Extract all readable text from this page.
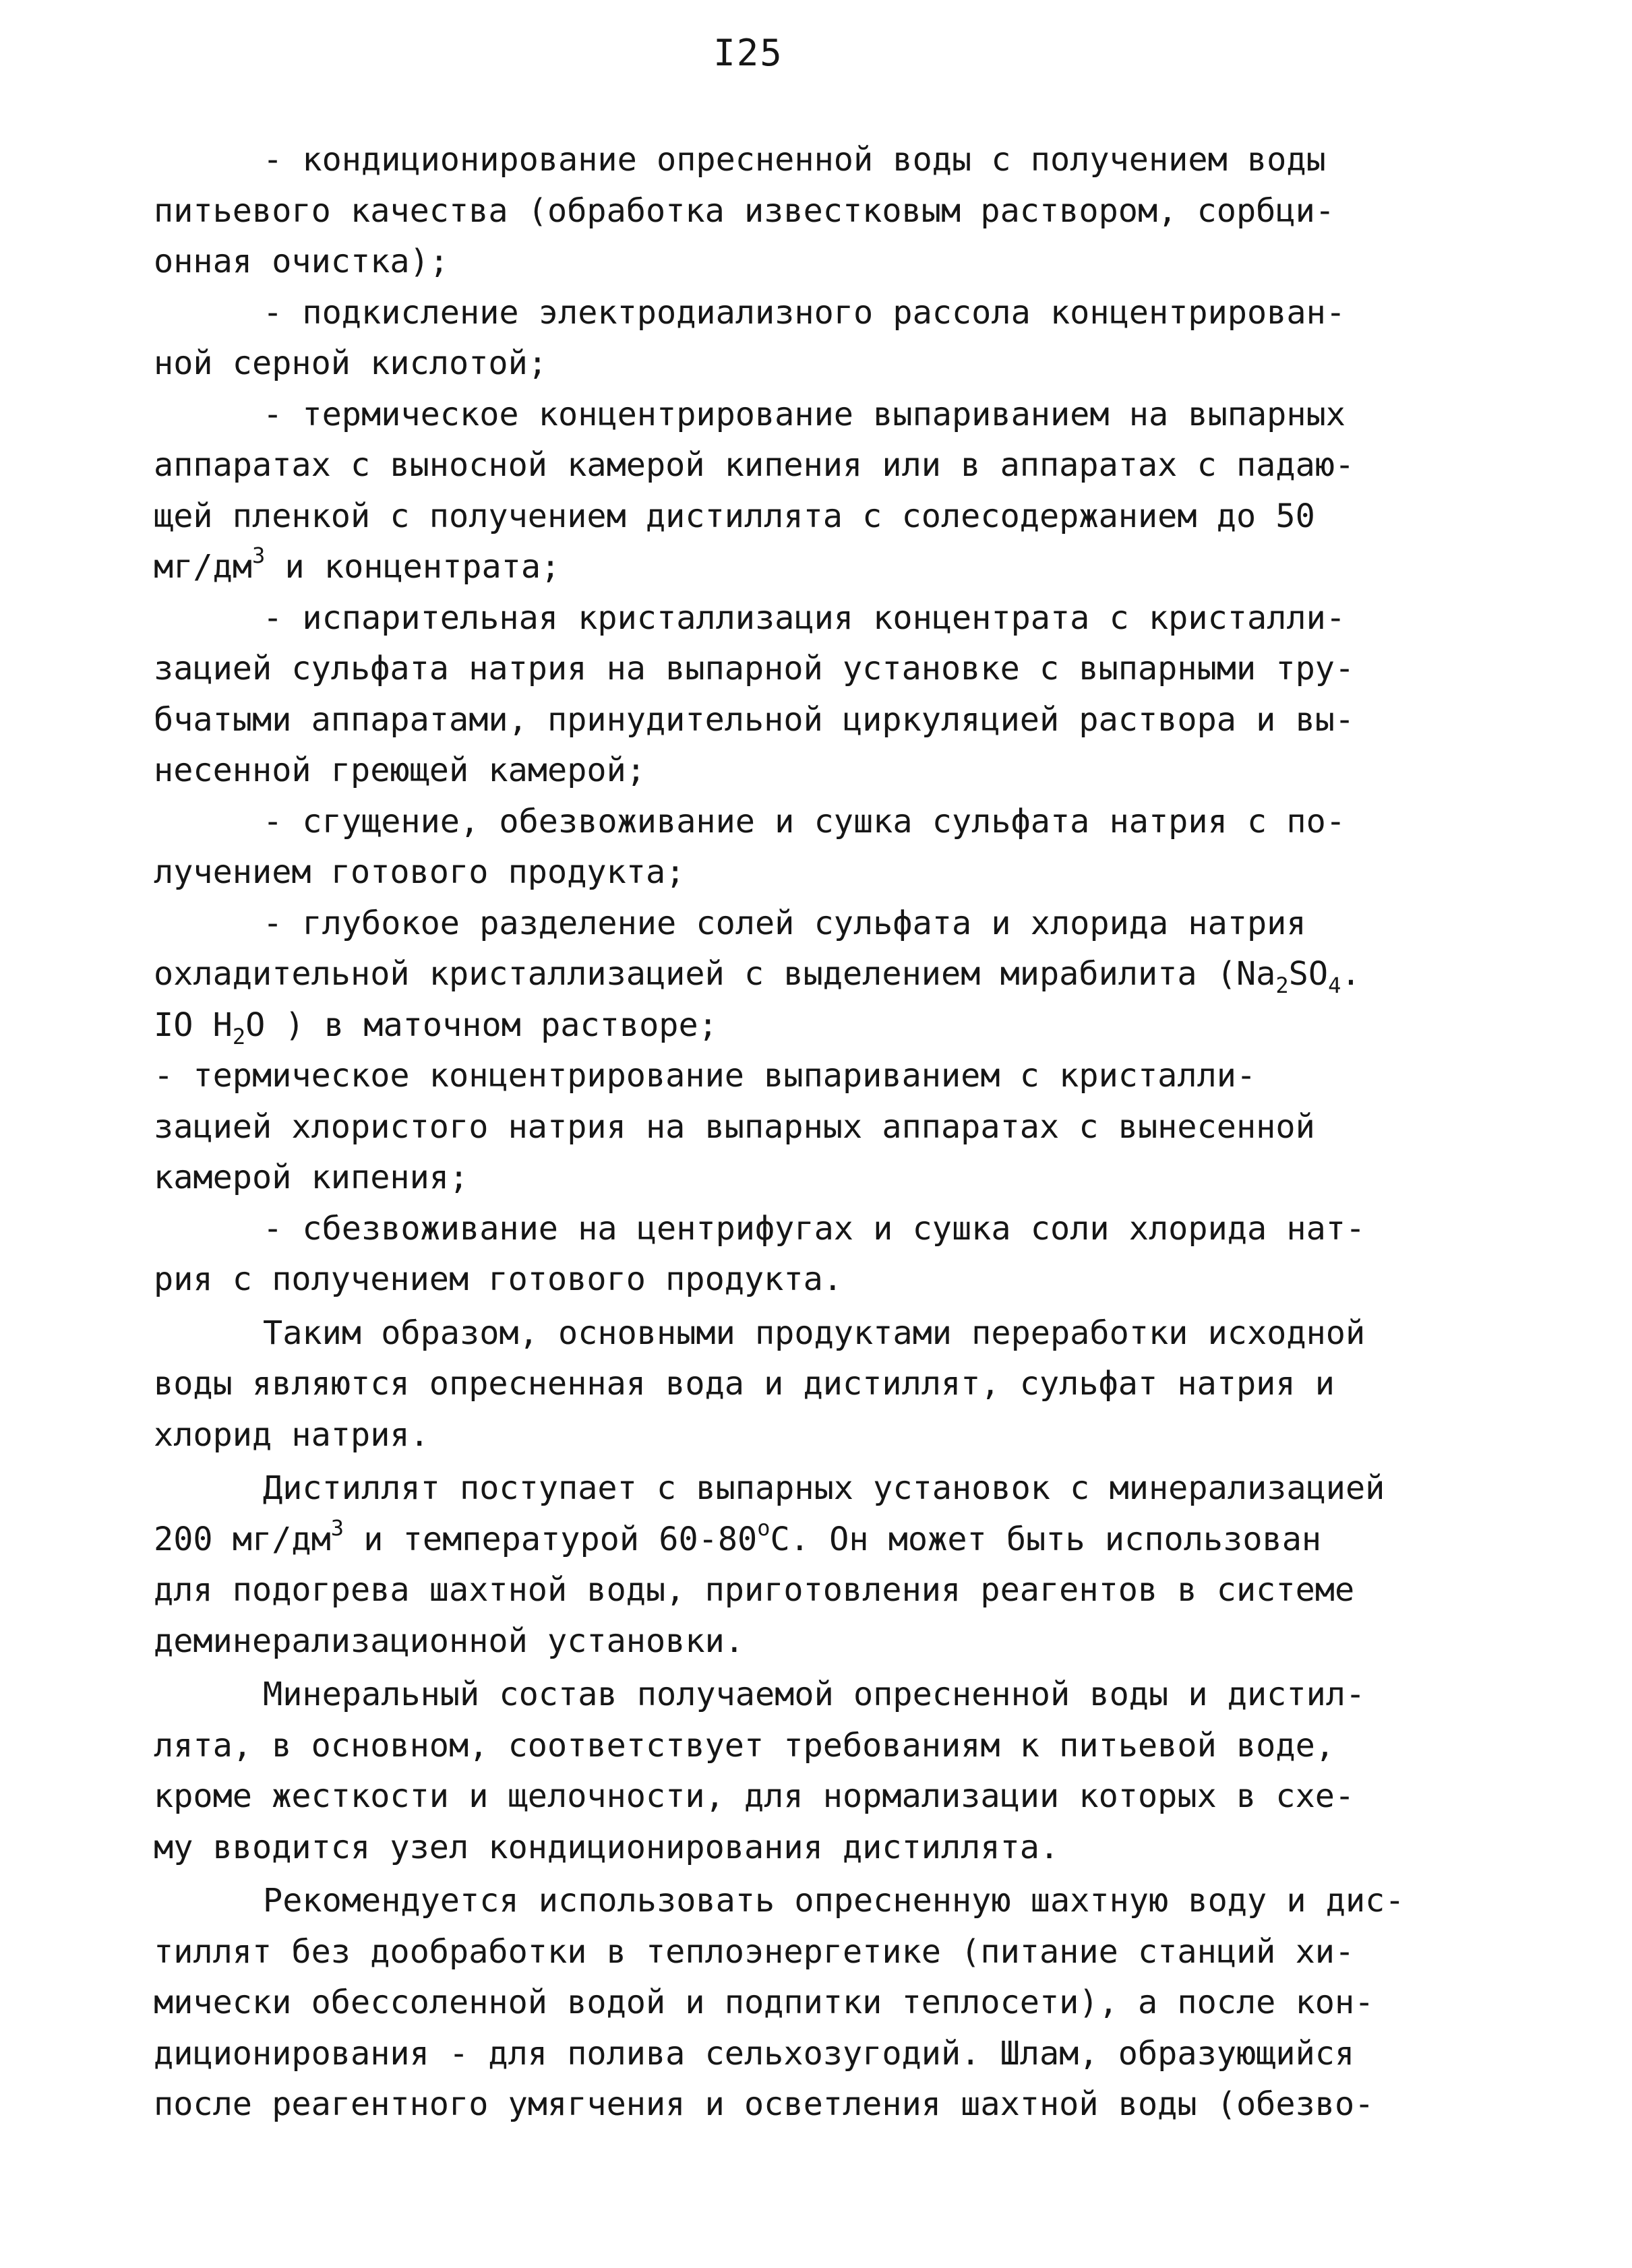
I25
- кондиционирование опресненной воды с получением воды
питьевого качества (обработка известковым раствором, сорбци-
онная очистка);
- подкисление электродиализного рассола концентрирован-
ной серной кислотой;
- термическое концентрирование выпариванием на выпарных
аппаратах с выносной камерой кипения или в аппаратах с падаю-
щей пленкой с получением дистиллята с солесодержанием до 50
$мг/дм^3$ и концентрата;
- испарительная кристаллизация концентрата с кристалли-
зацией сульфата натрия на выпарной установке с выпарными тру-
бчатыми аппаратами, принудительной циркуляцией раствора и вы-
несенной греющей камерой;
- сгущение, обезвоживание и сушка сульфата натрия с по-
лучением готового продукта;
- глубокое разделение солей сульфата и хлорида натрия
охладительной кристаллизацией с выделением мирабилита ($Na_2SO_4$.
IO $H_2O$ ) в маточном растворе;
- термическое концентрирование выпариванием с кристалли-
зацией хлористого натрия на выпарных аппаратах с вынесенной
камерой кипения;
- сбезвоживание на центрифугах и сушка соли хлорида нат-
рия с получением готового продукта.
Таким образом, основными продуктами переработки исходной
воды являются опресненная вода и дистиллят, сульфат натрия и
хлорид натрия.
Дистиллят поступает с выпарных установок с минерализацией
200 $мг/дм^3$ и температурой 60-80$^o$C. Он может быть использован
для подогрева шахтной воды, приготовления реагентов в системе
деминерализационной установки.
Минеральный состав получаемой опресненной воды и дистил-
лята, в основном, соответствует требованиям к питьевой воде,
кроме жесткости и щелочности, для нормализации которых в схе-
му вводится узел кондиционирования дистиллята.
Рекомендуется использовать опресненную шахтную воду и дис-
тиллят без дообработки в теплоэнергетике (питание станций хи-
мически обессоленной водой и подпитки теплосети), а после кон-
диционирования - для полива сельхозугодий. Шлам, образующийся
после реагентного умягчения и осветления шахтной воды (обезво-
